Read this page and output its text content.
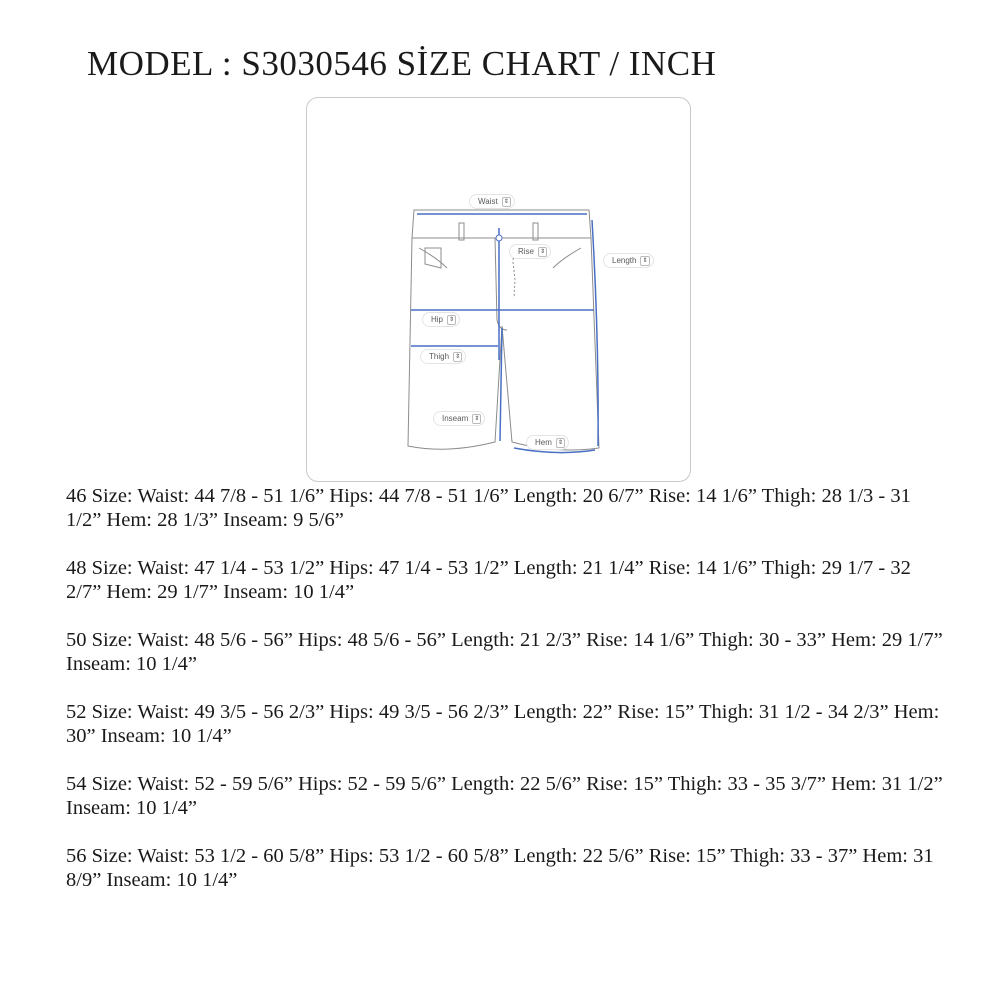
MODEL : S3030546 SİZE CHART / INCH
Waist	⇕
Rise	⇕
Length	⇕
Hip	⇕
Thigh	⇕
Inseam	⇕
Hem	⇕

46 Size: Waist: 44 7/8 - 51 1/6” Hips: 44 7/8 - 51 1/6” Length: 20 6/7” Rise: 14 1/6” Thigh: 28 1/3 - 31 1/2” Hem: 28 1/3” Inseam: 9 5/6”

48 Size: Waist: 47 1/4 - 53 1/2” Hips: 47 1/4 - 53 1/2” Length: 21 1/4” Rise: 14 1/6” Thigh: 29 1/7 - 32 2/7” Hem: 29 1/7” Inseam: 10 1/4”

50 Size: Waist: 48 5/6 - 56” Hips: 48 5/6 - 56” Length: 21 2/3” Rise: 14 1/6” Thigh: 30 - 33” Hem: 29 1/7” Inseam: 10 1/4”

52 Size: Waist: 49 3/5 - 56 2/3” Hips: 49 3/5 - 56 2/3” Length: 22” Rise: 15” Thigh: 31 1/2 - 34 2/3” Hem: 30” Inseam: 10 1/4”

54 Size: Waist: 52 - 59 5/6” Hips: 52 - 59 5/6” Length: 22 5/6” Rise: 15” Thigh: 33 - 35 3/7” Hem: 31 1/2” Inseam: 10 1/4”

56 Size: Waist: 53 1/2 - 60 5/8” Hips: 53 1/2 - 60 5/8” Length: 22 5/6” Rise: 15” Thigh: 33 - 37” Hem: 31 8/9” Inseam: 10 1/4”
